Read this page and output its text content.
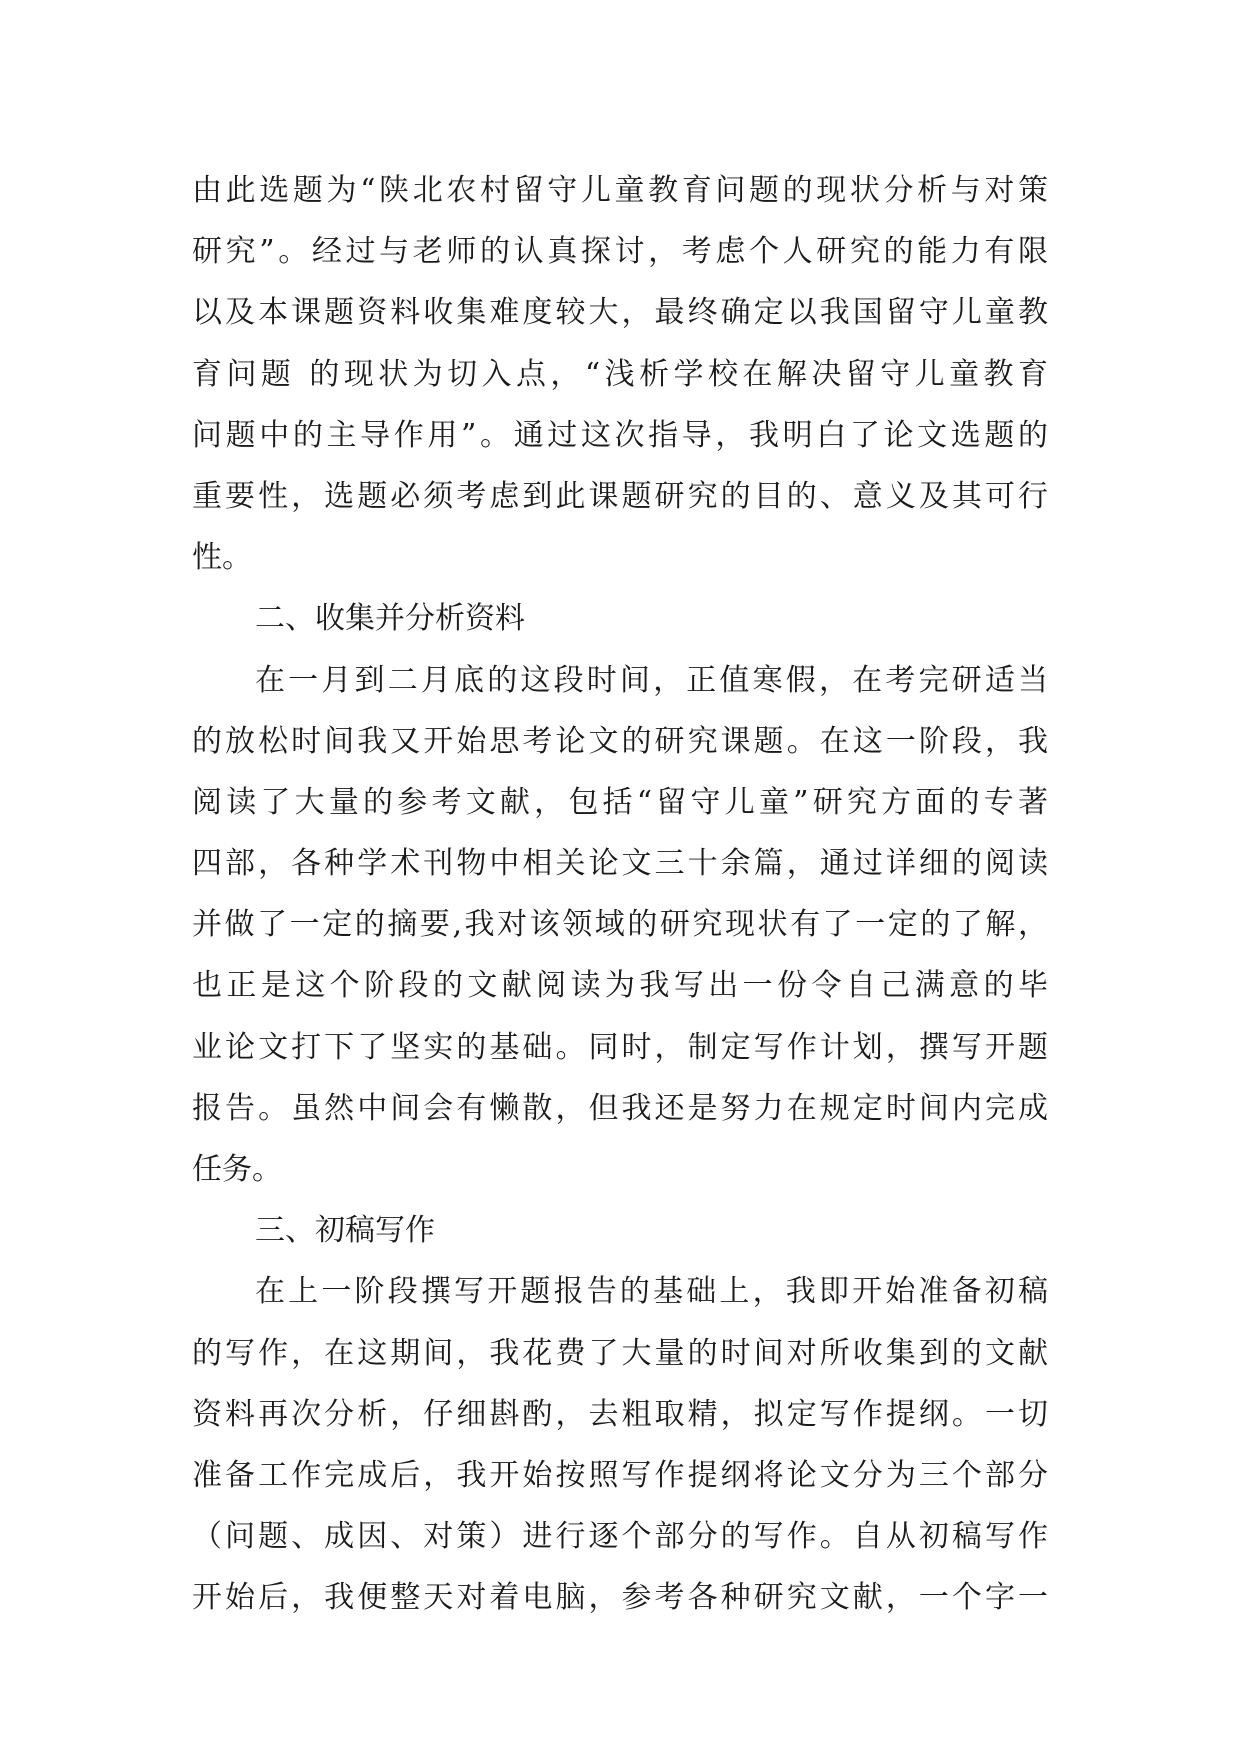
由此选题为“陕北农村留守儿童教育问题的现状分析与对策
研究”。经过与老师的认真探讨，考虑个人研究的能力有限
以及本课题资料收集难度较大，最终确定以我国留守儿童教
育问题 的现状为切入点，“浅析学校在解决留守儿童教育
问题中的主导作用”。通过这次指导，我明白了论文选题的
重要性，选题必须考虑到此课题研究的目的、意义及其可行
性。
二、收集并分析资料
在一月到二月底的这段时间，正值寒假，在考完研适当
的放松时间我又开始思考论文的研究课题。在这一阶段，我
阅读了大量的参考文献，包括“留守儿童”研究方面的专著
四部，各种学术刊物中相关论文三十余篇，通过详细的阅读
并做了一定的摘要,我对该领域的研究现状有了一定的了解，
也正是这个阶段的文献阅读为我写出一份令自己满意的毕
业论文打下了坚实的基础。同时，制定写作计划，撰写开题
报告。虽然中间会有懒散，但我还是努力在规定时间内完成
任务。
三、初稿写作
在上一阶段撰写开题报告的基础上，我即开始准备初稿
的写作，在这期间，我花费了大量的时间对所收集到的文献
资料再次分析，仔细斟酌，去粗取精，拟定写作提纲。一切
准备工作完成后，我开始按照写作提纲将论文分为三个部分
（问题、成因、对策）进行逐个部分的写作。自从初稿写作
开始后，我便整天对着电脑，参考各种研究文献，一个字一
